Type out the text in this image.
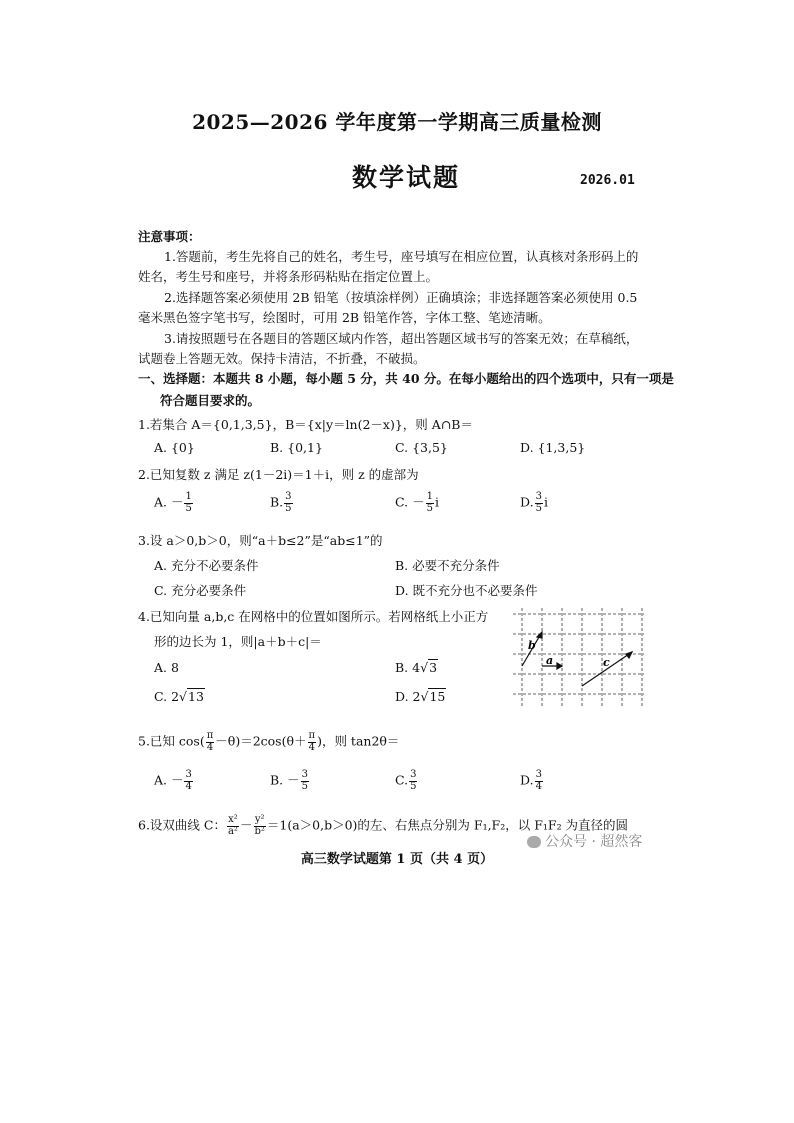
2025—2026 学年度第一学期高三质量检测
数学试题	2026.01
注意事项：
1.答题前，考生先将自己的姓名，考生号，座号填写在相应位置，认真核对条形码上的
姓名，考生号和座号，并将条形码粘贴在指定位置上。
2.选择题答案必须使用 2B 铅笔（按填涂样例）正确填涂；非选择题答案必须使用 0.5
毫米黑色签字笔书写，绘图时，可用 2B 铅笔作答，字体工整、笔迹清晰。
3.请按照题号在各题目的答题区域内作答，超出答题区域书写的答案无效；在草稿纸，
试题卷上答题无效。保持卡清洁，不折叠，不破损。
一、选择题：本题共 8 小题，每小题 5 分，共 40 分。在每小题给出的四个选项中，只有一项是
符合题目要求的。
1.若集合 A＝{0,1,3,5}，B＝{x|y＝ln(2－x)}，则 A∩B＝
A. {0}	B. {0,1}	C. {3,5}	D. {1,3,5}
2.已知复数 z 满足 z(1－2i)＝1＋i，则 z 的虚部为
A. － $\frac{1}{5}$	B. $\frac{3}{5}$	C. － $\frac{1}{5}$ i	D. $\frac{3}{5}$ i
3.设 a＞0,b＞0，则“a＋b≤2”是“ab≤1”的
A. 充分不必要条件	B. 必要不充分条件
C. 充分必要条件	D. 既不充分也不必要条件
4.已知向量 a,b,c 在网格中的位置如图所示。若网格纸上小正方
形的边长为 1，则|a＋b＋c|＝
A. 8	B. 4√3
C. 2√13	D. 2√15
b
a	c
5.已知 $\cos( \frac{\pi}{4} -\theta)=2\cos(\theta+ \frac{\pi}{4}$ )，则 tan2θ＝
A. － $\frac{3}{4}$	B. － $\frac{3}{5}$	C. $\frac{3}{5}$	D. $\frac{3}{4}$
6.设双曲线 C： $\frac{\text{x²}}{\text{a²}} - \frac{\text{y²}}{\text{b²}} =1(a>0,b>0)$的左、右焦点分别为 F₁,F₂，以 F₁F₂ 为直径的圆
公众号 · 超然客
高三数学试题第 1 页（共 4 页）
